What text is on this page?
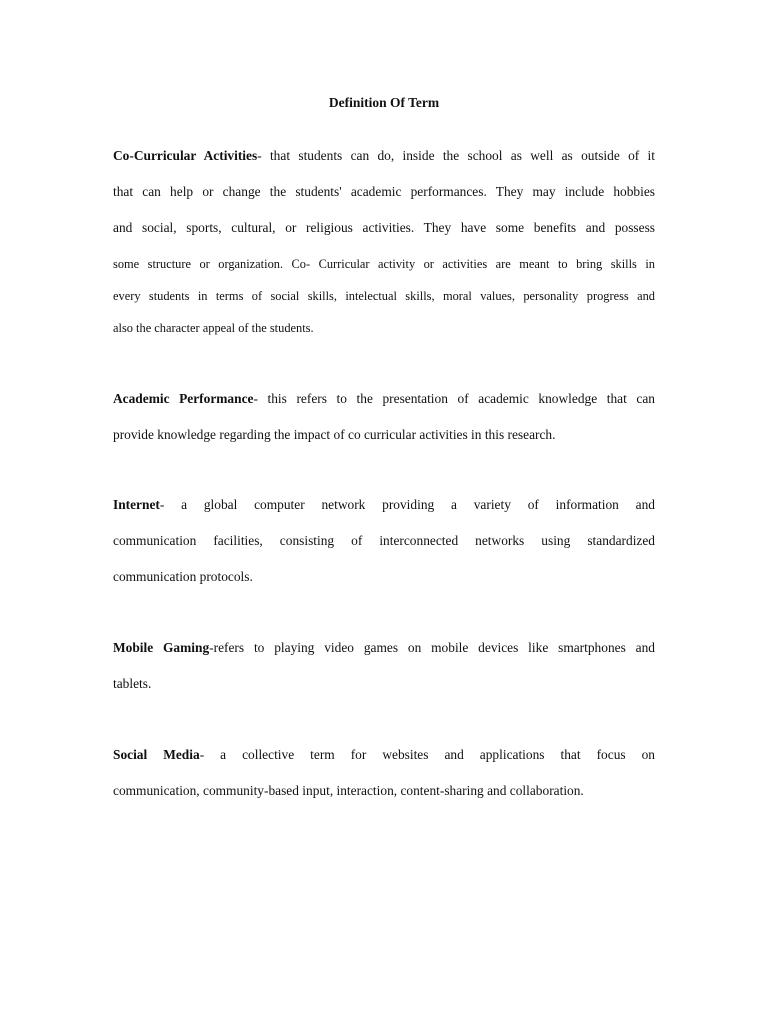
Definition Of Term
Co-Curricular Activities- that students can do, inside the school as well as outside of it
that can help or change the students' academic performances. They may include hobbies
and social, sports, cultural, or religious activities. They have some benefits and possess
some structure or organization. Co- Curricular activity or activities are meant to bring skills in
every students in terms of social skills, intelectual skills, moral values, personality progress and
also the character appeal of the students.
Academic Performance- this refers to the presentation of academic knowledge that can
provide knowledge regarding the impact of co curricular activities in this research.
Internet- a global computer network providing a variety of information and
communication facilities, consisting of interconnected networks using standardized
communication protocols.
Mobile Gaming-refers to playing video games on mobile devices like smartphones and
tablets.
Social Media- a collective term for websites and applications that focus on
communication, community-based input, interaction, content-sharing and collaboration.
